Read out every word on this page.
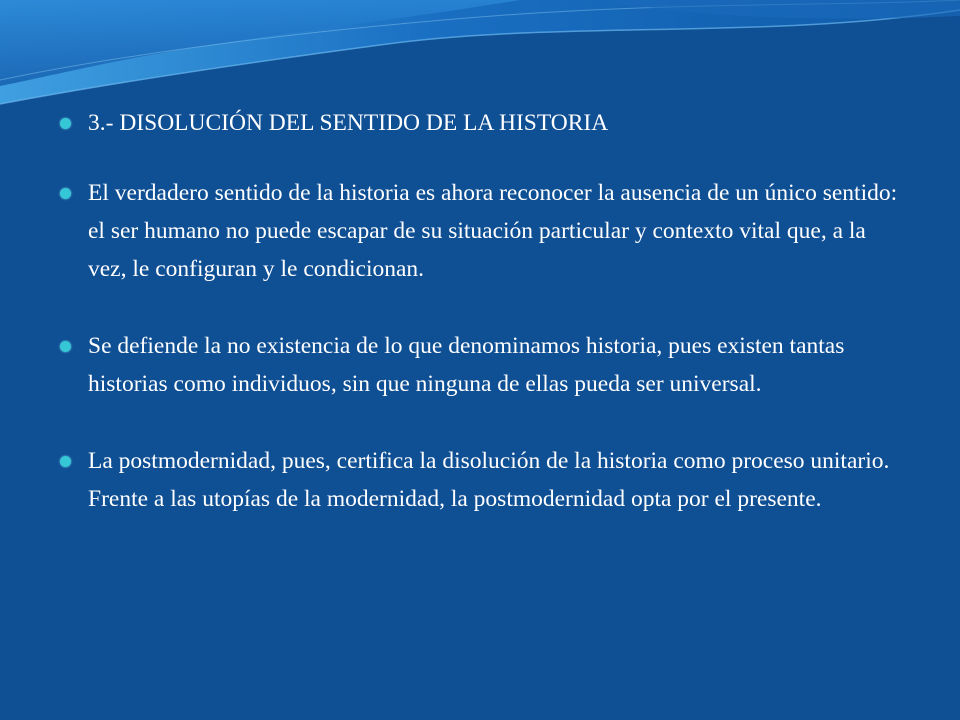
3.- DISOLUCIÓN DEL SENTIDO DE LA HISTORIA
El verdadero sentido de la historia es ahora reconocer la ausencia de un único sentido: el ser humano no puede escapar de su situación particular y contexto vital que, a la vez, le configuran y le condicionan.
Se defiende la no existencia de lo que denominamos historia, pues existen tantas historias como individuos, sin que ninguna de ellas pueda ser universal.
La postmodernidad, pues, certifica la disolución de la historia como proceso unitario. Frente a las utopías de la modernidad, la postmodernidad opta por el presente.
